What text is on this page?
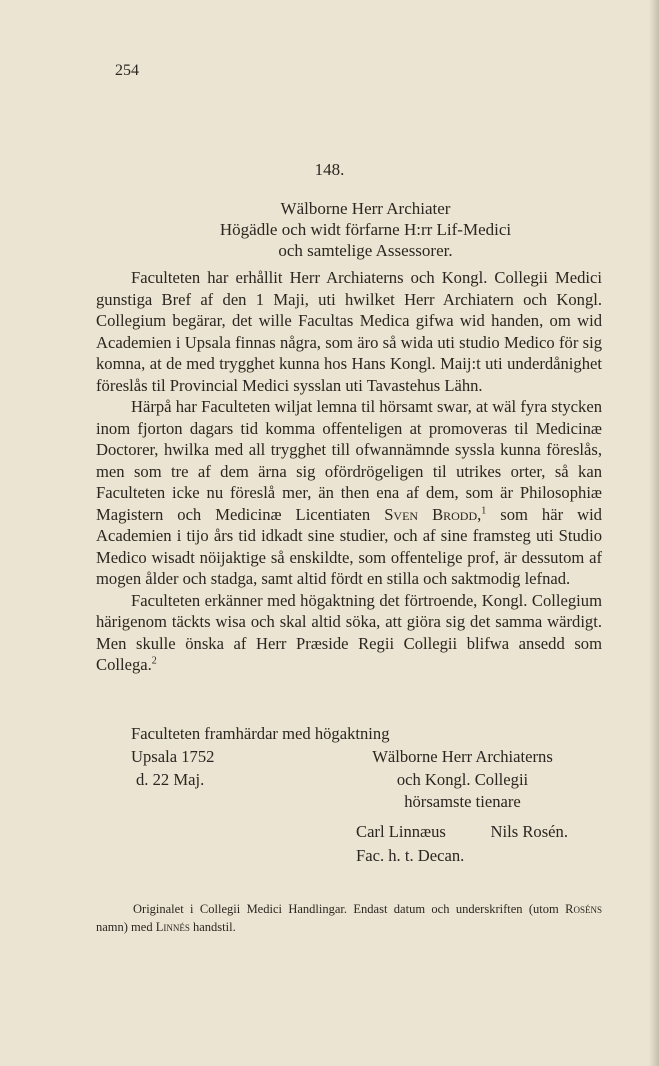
254
148.
Wälborne Herr Archiater
Högädle och widt förfarne H:rr Lif-Medici
och samtelige Assessorer.

Faculteten har erhållit Herr Archiaterns och Kongl. Collegii Medici gunstiga Bref af den 1 Maji, uti hwilket Herr Archiatern och Kongl. Collegium begärar, det wille Facultas Medica gifwa wid handen, om wid Academien i Upsala finnas några, som äro så wida uti studio Medico för sig komna, at de med trygghet kunna hos Hans Kongl. Maij:t uti underdånighet föreslås til Provincial Medici sysslan uti Tavastehus Lähn.

Härpå har Faculteten wiljat lemna til hörsamt swar, at wäl fyra stycken inom fjorton dagars tid komma offenteligen at promoveras til Medicinæ Doctorer, hwilka med all trygghet till ofwannämnde syssla kunna föreslås, men som tre af dem ärna sig ofördrögeligen til utrikes orter, så kan Faculteten icke nu föreslå mer, än then ena af dem, som är Philosophiæ Magistern och Medicinæ Licentiaten Sven Brodd,$^1$ som här wid Academien i tijo års tid idkadt sine studier, och af sine framsteg uti Studio Medico wisadt nöijaktige så enskildte, som offentelige prof, är dessutom af mogen ålder och stadga, samt altid fördt en stilla och saktmodig lefnad.

Faculteten erkänner med högaktning det förtroende, Kongl. Collegium härigenom täckts wisa och skal altid söka, att giöra sig det samma wärdigt. Men skulle önska af Herr Præside Regii Collegii blifwa ansedd som Collega.$^2$

Faculteten framhärdar med högaktning
Upsala 1752
d. 22 Maj.
Wälborne Herr Archiaterns
och Kongl. Collegii
hörsamste tienare
Carl Linnæus	Nils Rosén.
Fac. h. t. Decan.

Originalet i Collegii Medici Handlingar. Endast datum och underskriften (utom Roséns namn) med Linnés handstil.
